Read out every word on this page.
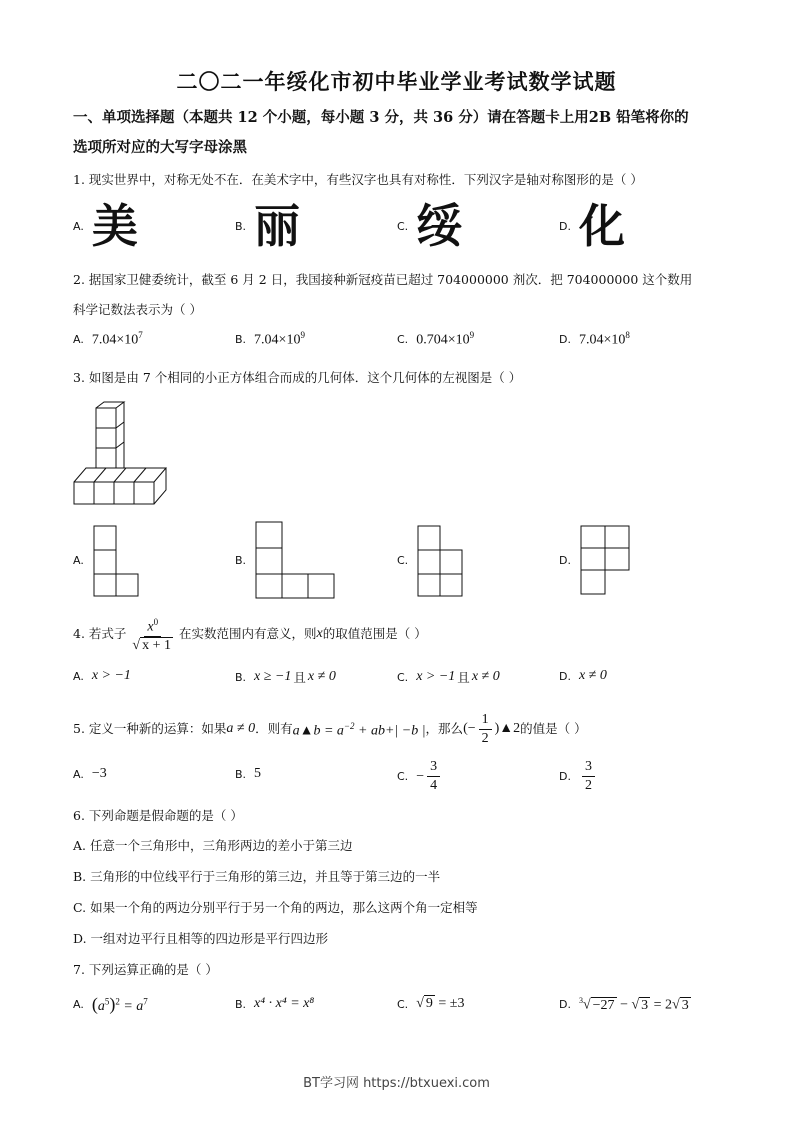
二〇二一年绥化市初中毕业学业考试数学试题
一、单项选择题（本题共 12 个小题，每小题 3 分，共 36 分）请在答题卡上用2B 铅笔将你的
选项所对应的大写字母涂黑
1. 现实世界中，对称无处不在．在美术字中，有些汉字也具有对称性．下列汉字是轴对称图形的是（ ）
A. 美	B. 丽	C. 绥	D. 化
2. 据国家卫健委统计，截至 6 月 2 日，我国接种新冠疫苗已超过 704000000 剂次．把 704000000 这个数用
科学记数法表示为（ ）
A. $7.04\times 10^7$	B. $7.04\times 10^9$	C. $0.704\times 10^9$	D. $7.04\times 10^8$
3. 如图是由 7 个相同的小正方体组合而成的几何体．这个几何体的左视图是（ ）
A.	B.	C.	D.
4. 若式子 $\frac{x^0}{√ x + 1}$ 在实数范围内有意义，则 x 的取值范围是（ ）
A. x > −1	B. x ≥ −1 且 x ≠ 0	C. x > −1 且 x ≠ 0	D. x ≠ 0
5. 定义一种新的运算：如果 a ≠ 0 ．则有 a▲b = $a^{-2} + ab+| -b$ | ，那么 (− $\frac{1}{2}$ )▲2 的值是（ ）
A. −3	B. 5	C. − $\frac{3}{4}$	D. $\frac{3}{2}$
6. 下列命题是假命题的是（ ）
A. 任意一个三角形中，三角形两边的差小于第三边
B. 三角形的中位线平行于三角形的第三边，并且等于第三边的一半
C. 如果一个角的两边分别平行于另一个角的两边，那么这两个角一定相等
D. 一组对边平行且相等的四边形是平行四边形
7. 下列运算正确的是（ ）
A. $(a^5)^2 = a^7$	B. x⁴ · x⁴ = x⁸	C. √ 9 = ±3	D. $^3$√ −27 − √ 3 = 2√ 3
BT学习网 https://btxuexi.com
